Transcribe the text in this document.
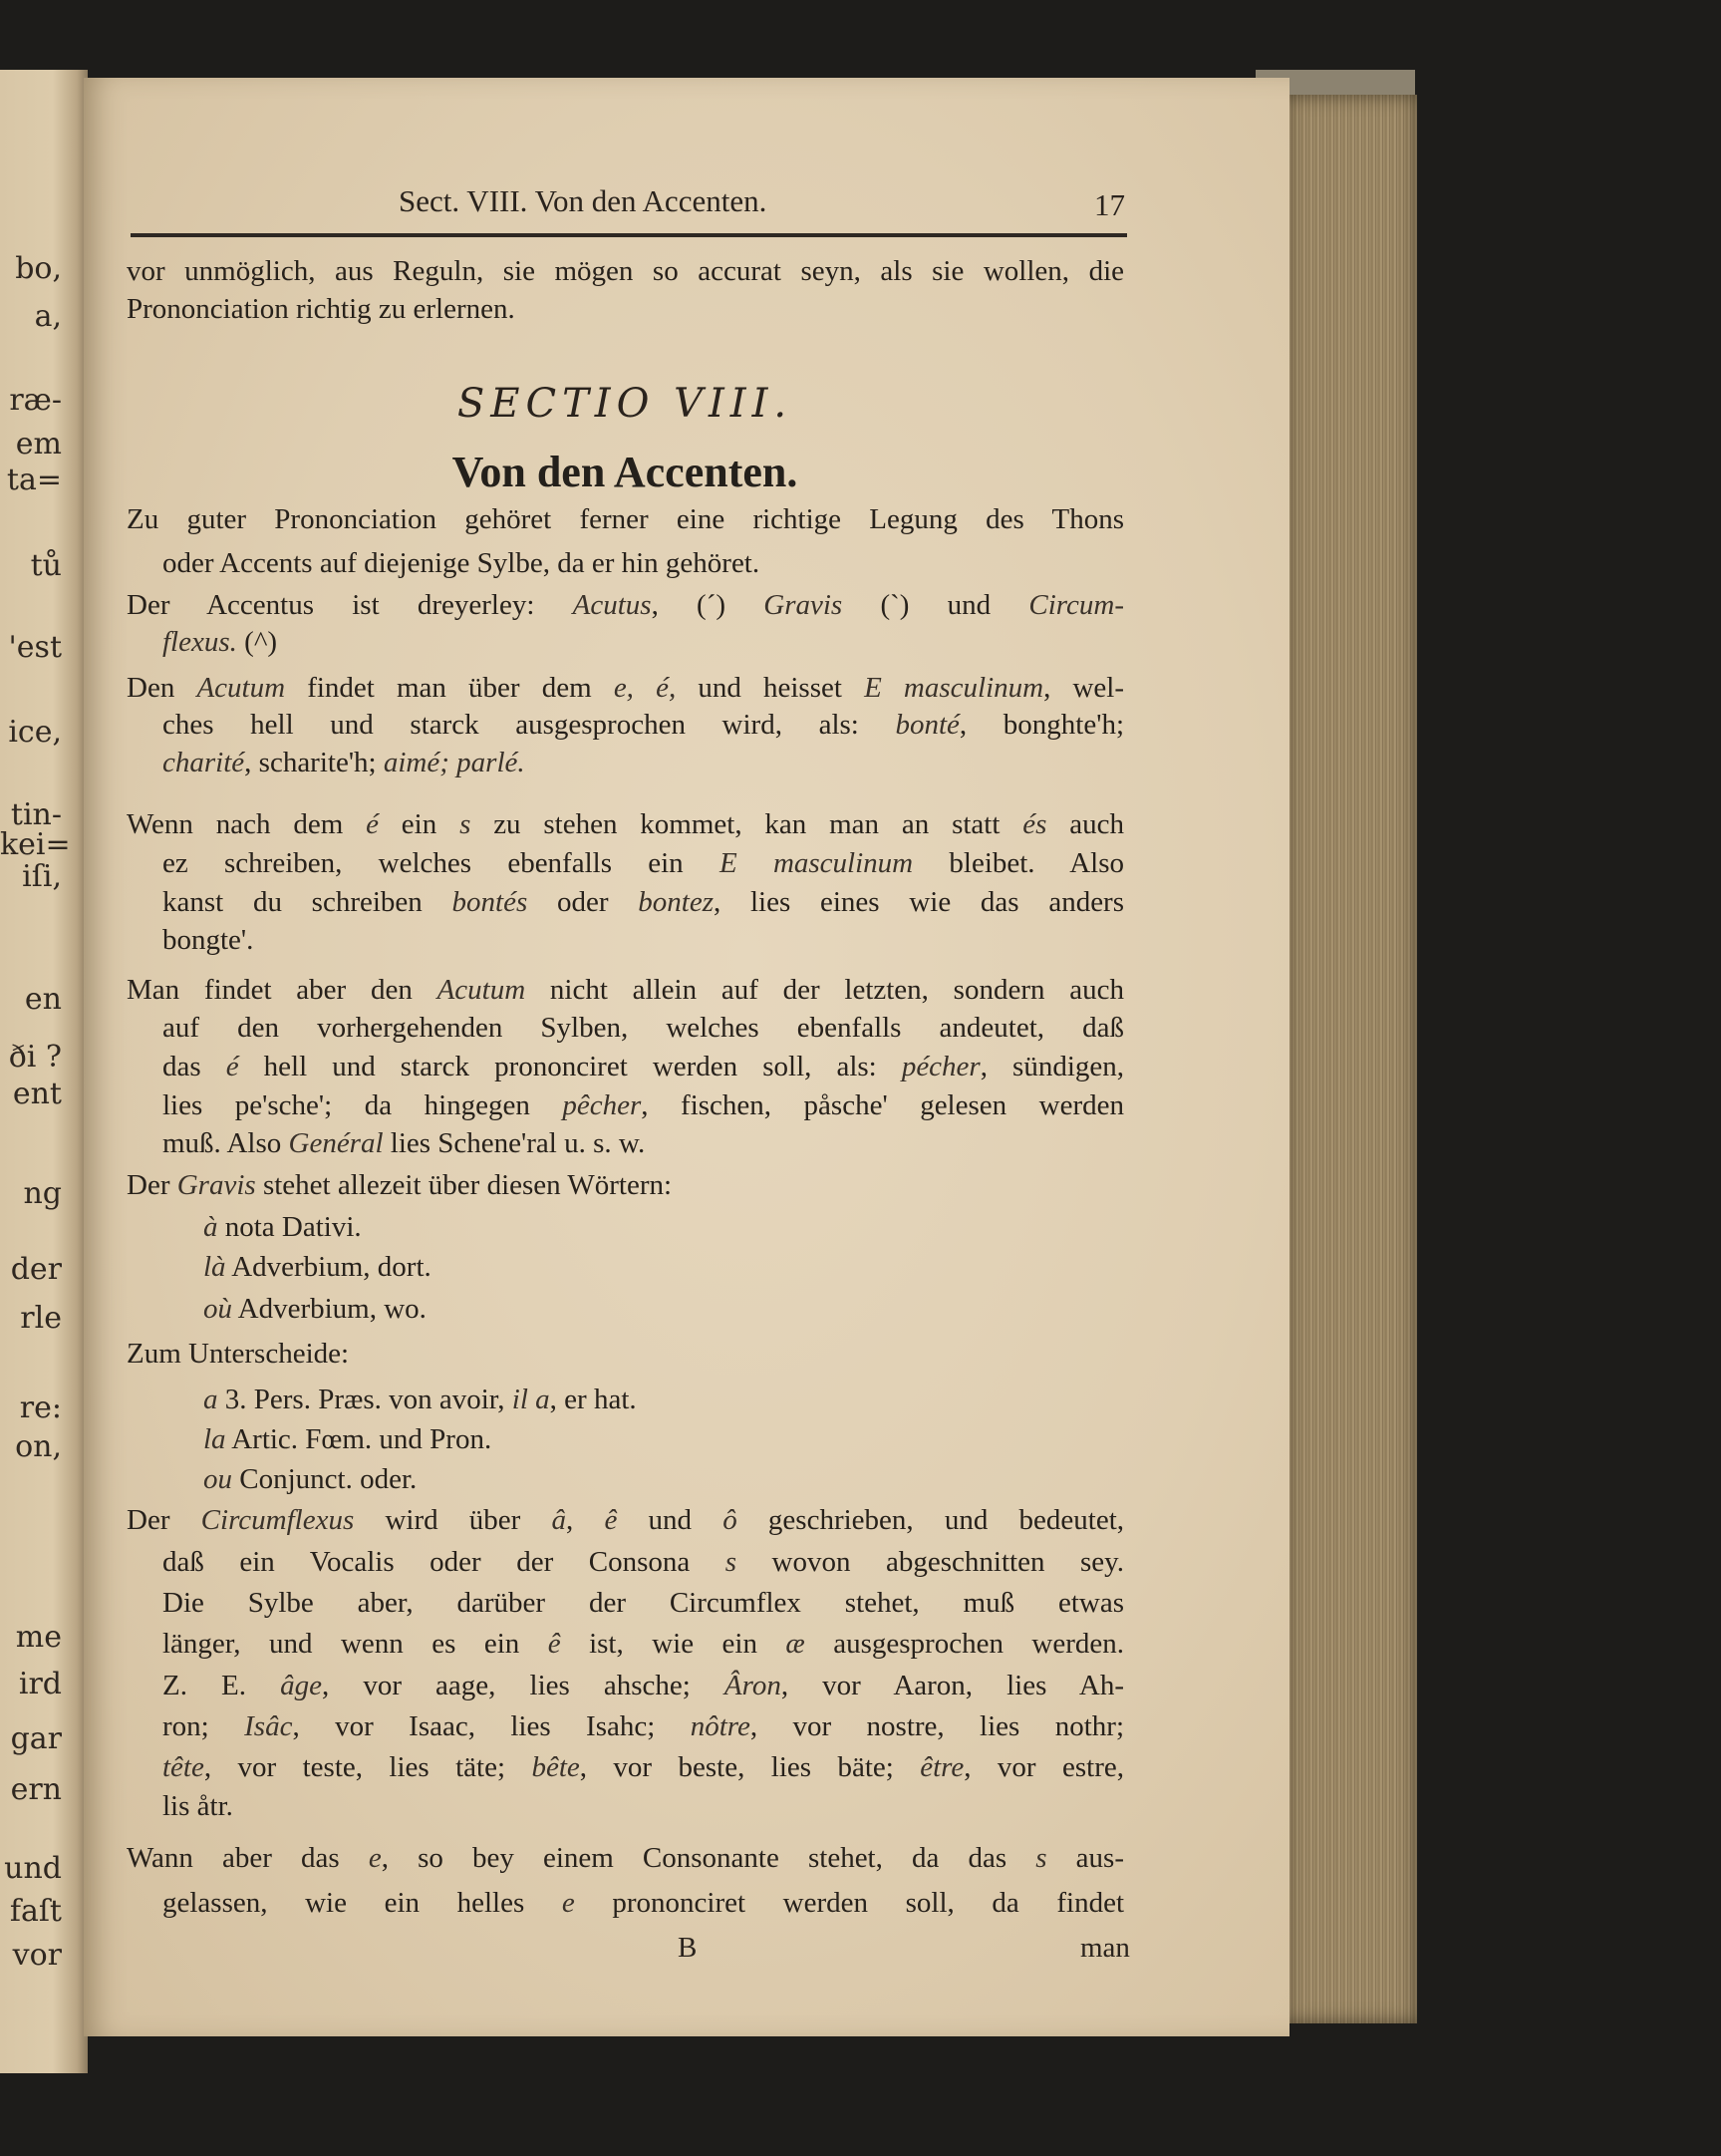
Sect. VIII. Von den Accenten.	17
SECTIO VIII.
Von den Accenten.
vor unmöglich, aus Reguln, sie mögen so accurat seyn, als sie wollen, die
Prononciation richtig zu erlernen.
Zu guter Prononciation gehöret ferner eine richtige Legung des Thons
oder Accents auf diejenige Sylbe, da er hin gehöret.
Der Accentus ist dreyerley: Acutus, (´) Gravis (`) und Circum-
flexus. (^)
Den Acutum findet man über dem e, é, und heisset E masculinum, wel-
ches hell und starck ausgesprochen wird, als: bonté, bonghte'h;
charité, scharite'h; aimé; parlé.
Wenn nach dem é ein s zu stehen kommet, kan man an statt és auch
ez schreiben, welches ebenfalls ein E masculinum bleibet. Also
kanst du schreiben bontés oder bontez, lies eines wie das anders
bongte'.
Man findet aber den Acutum nicht allein auf der letzten, sondern auch
auf den vorhergehenden Sylben, welches ebenfalls andeutet, daß
das é hell und starck prononciret werden soll, als: pécher, sündigen,
lies pe'sche'; da hingegen pêcher, fischen, påsche' gelesen werden
muß. Also Genéral lies Schene'ral u. s. w.
Der Gravis stehet allezeit über diesen Wörtern:
à nota Dativi.
là Adverbium, dort.
où Adverbium, wo.
Zum Unterscheide:
a 3. Pers. Præs. von avoir, il a, er hat.
la Artic. Fœm. und Pron.
ou Conjunct. oder.
Der Circumflexus wird über â, ê und ô geschrieben, und bedeutet,
daß ein Vocalis oder der Consona s wovon abgeschnitten sey.
Die Sylbe aber, darüber der Circumflex stehet, muß etwas
länger, und wenn es ein ê ist, wie ein æ ausgesprochen werden.
Z. E. âge, vor aage, lies ahsche; Âron, vor Aaron, lies Ah-
ron; Isâc, vor Isaac, lies Isahc; nôtre, vor nostre, lies nothr;
tête, vor teste, lies täte; bête, vor beste, lies bäte; être, vor estre,
lis åtr.
Wann aber das e, so bey einem Consonante stehet, da das s aus-
gelassen, wie ein helles e prononciret werden soll, da findet
bo,
a,
ræ-
em
ta=
tů
'est
ice,
tin-
kei=
iſi,
en
ði ?
ent
ng
der
rle
re:
on,
me
ird
gar
ern
und
faſt
vor	B	man
